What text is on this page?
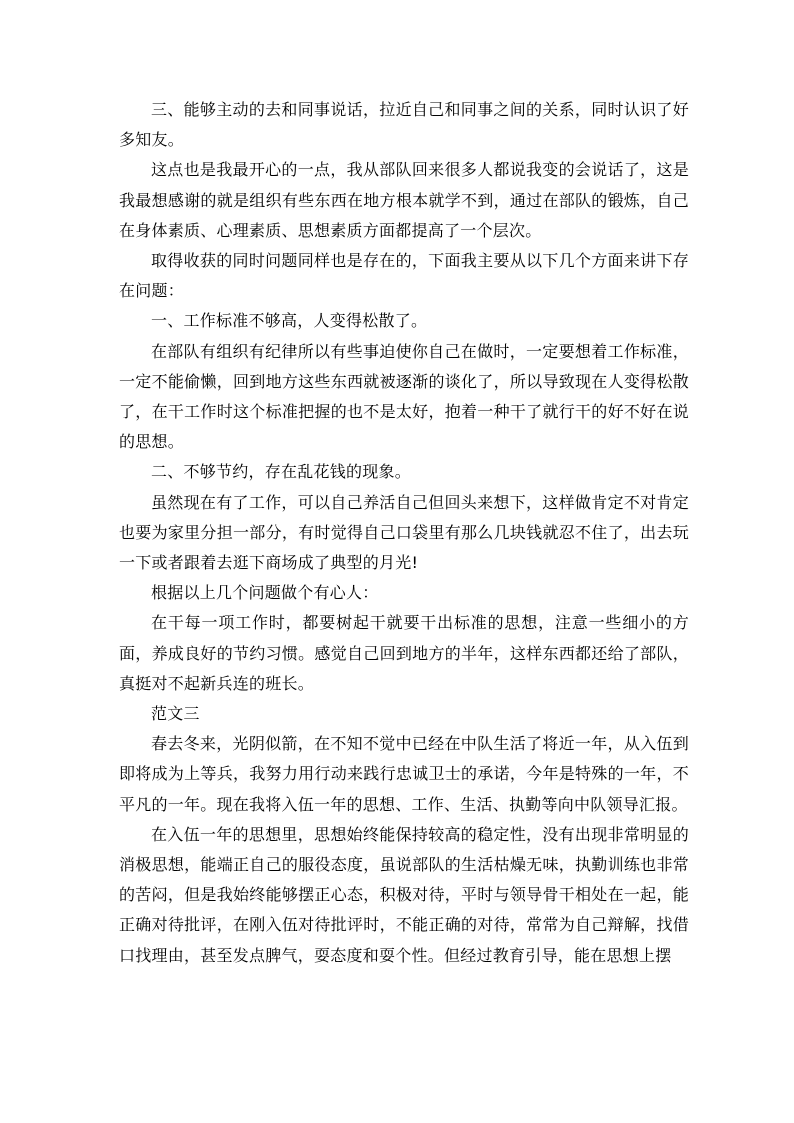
三、能够主动的去和同事说话，拉近自己和同事之间的关系，同时认识了好多知友。

这点也是我最开心的一点，我从部队回来很多人都说我变的会说话了，这是我最想感谢的就是组织有些东西在地方根本就学不到，通过在部队的锻炼，自己在身体素质、心理素质、思想素质方面都提高了一个层次。

取得收获的同时问题同样也是存在的，下面我主要从以下几个方面来讲下存在问题：

一、工作标准不够高，人变得松散了。

在部队有组织有纪律所以有些事迫使你自己在做时，一定要想着工作标准，一定不能偷懒，回到地方这些东西就被逐渐的谈化了，所以导致现在人变得松散了，在干工作时这个标准把握的也不是太好，抱着一种干了就行干的好不好在说的思想。

二、不够节约，存在乱花钱的现象。

虽然现在有了工作，可以自己养活自己但回头来想下，这样做肯定不对肯定也要为家里分担一部分，有时觉得自己口袋里有那么几块钱就忍不住了，出去玩一下或者跟着去逛下商场成了典型的月光!

根据以上几个问题做个有心人：

在干每一项工作时，都要树起干就要干出标准的思想，注意一些细小的方面，养成良好的节约习惯。感觉自己回到地方的半年，这样东西都还给了部队，真挺对不起新兵连的班长。

范文三

春去冬来，光阴似箭，在不知不觉中已经在中队生活了将近一年，从入伍到即将成为上等兵，我努力用行动来践行忠诚卫士的承诺，今年是特殊的一年，不平凡的一年。现在我将入伍一年的思想、工作、生活、执勤等向中队领导汇报。

在入伍一年的思想里，思想始终能保持较高的稳定性，没有出现非常明显的消极思想，能端正自己的服役态度，虽说部队的生活枯燥无味，执勤训练也非常的苦闷，但是我始终能够摆正心态，积极对待，平时与领导骨干相处在一起，能正确对待批评，在刚入伍对待批评时，不能正确的对待，常常为自己辩解，找借口找理由，甚至发点脾气，耍态度和耍个性。但经过教育引导，能在思想上摆
